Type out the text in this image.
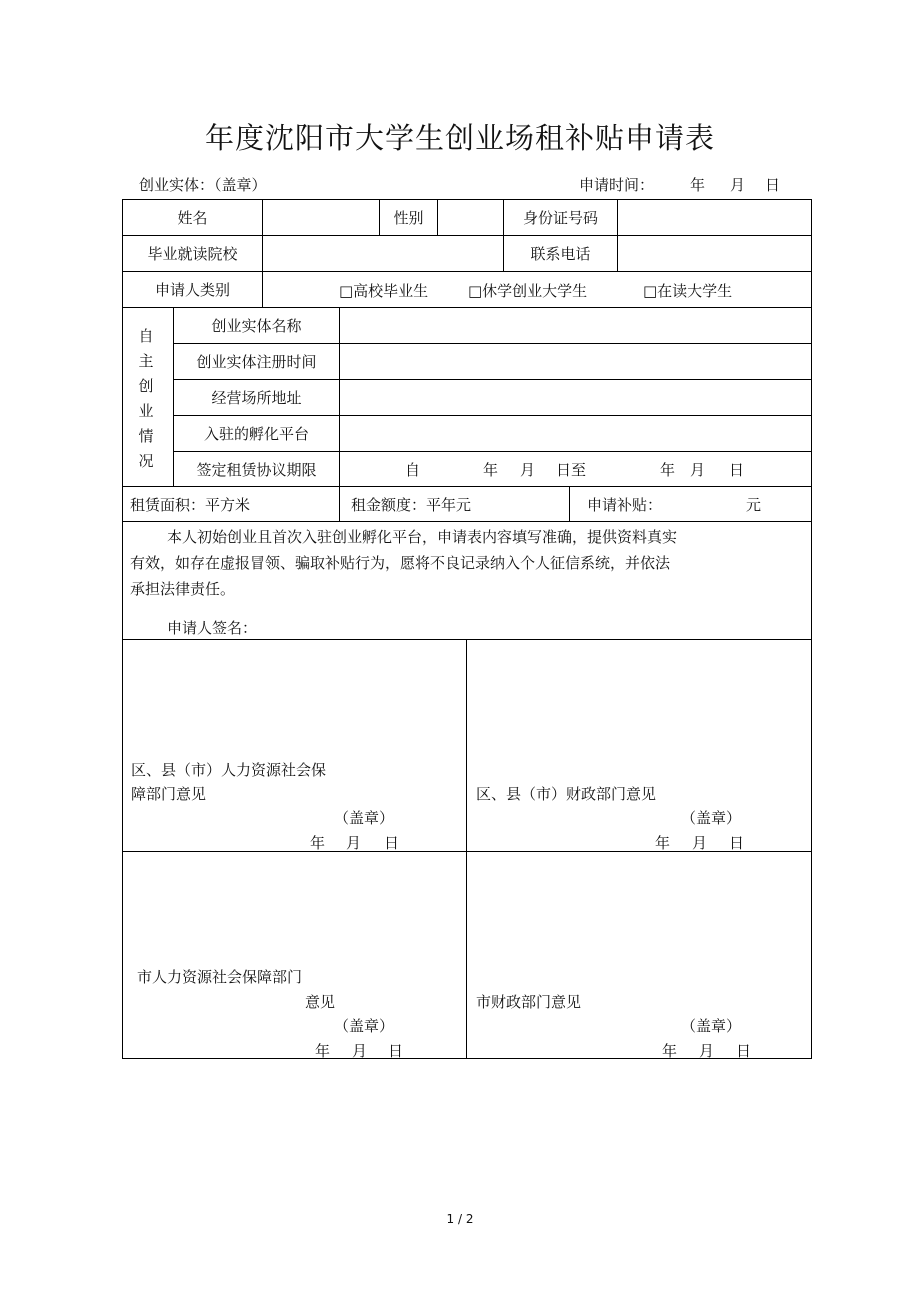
年度沈阳市大学生创业场租补贴申请表
创业实体：（盖章）	申请时间： 年 月 日
姓名	性别	身份证号码
毕业就读院校	联系电话
申请人类别	□高校毕业生	□休学创业大学生	□在读大学生
自
主
创
业
情
况
创业实体名称
创业实体注册时间
经营场所地址
入驻的孵化平台
签定租赁协议期限	自	年 月 日至	年 月 日
租赁面积：平方米	租金额度：平年元	申请补贴：	元
本人初始创业且首次入驻创业孵化平台，申请表内容填写准确，提供资料真实
有效，如存在虚报冒领、骗取补贴行为，愿将不良记录纳入个人征信系统，并依法
承担法律责任。
申请人签名：
区、县（市）人力资源社会保
障部门意见
（盖章）
年 月 日
区、县（市）财政部门意见
（盖章）
年 月 日
市人力资源社会保障部门
意见
（盖章）
年 月 日
市财政部门意见
（盖章）
年 月 日
1 / 2
